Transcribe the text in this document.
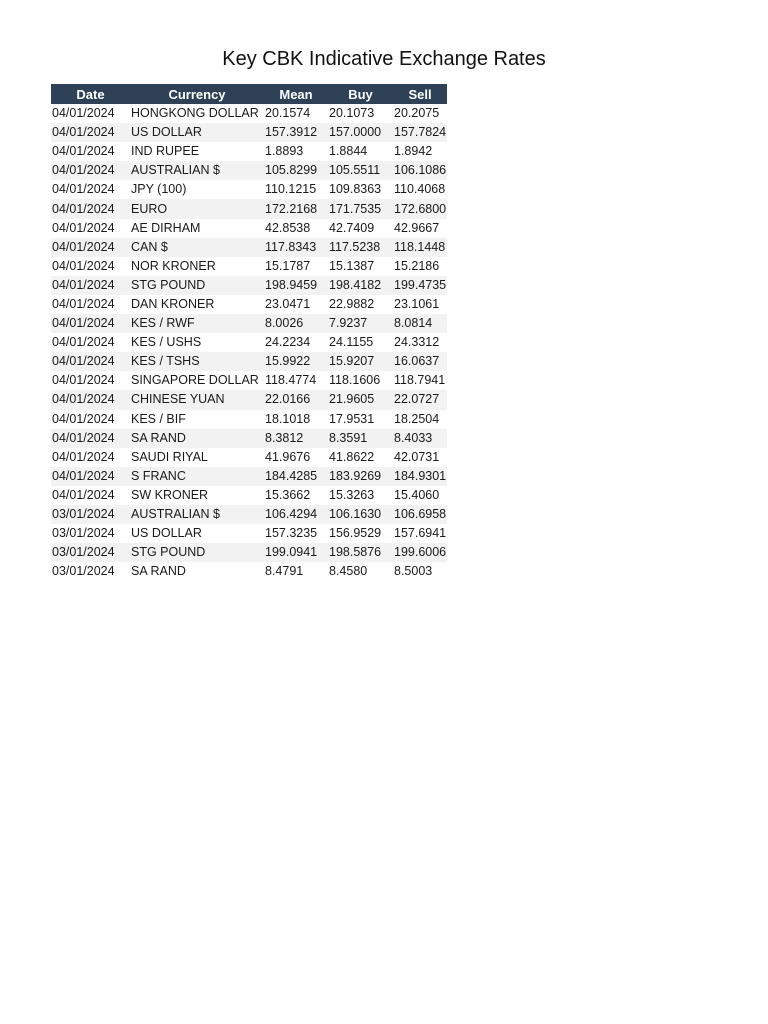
Key CBK Indicative Exchange Rates
Date	Currency	Mean	Buy	Sell
04/01/2024	HONGKONG DOLLAR	20.1574	20.1073	20.2075
04/01/2024	US DOLLAR	157.3912	157.0000	157.7824
04/01/2024	IND RUPEE	1.8893	1.8844	1.8942
04/01/2024	AUSTRALIAN $	105.8299	105.5511	106.1086
04/01/2024	JPY (100)	110.1215	109.8363	110.4068
04/01/2024	EURO	172.2168	171.7535	172.6800
04/01/2024	AE DIRHAM	42.8538	42.7409	42.9667
04/01/2024	CAN $	117.8343	117.5238	118.1448
04/01/2024	NOR KRONER	15.1787	15.1387	15.2186
04/01/2024	STG POUND	198.9459	198.4182	199.4735
04/01/2024	DAN KRONER	23.0471	22.9882	23.1061
04/01/2024	KES / RWF	8.0026	7.9237	8.0814
04/01/2024	KES / USHS	24.2234	24.1155	24.3312
04/01/2024	KES / TSHS	15.9922	15.9207	16.0637
04/01/2024	SINGAPORE DOLLAR	118.4774	118.1606	118.7941
04/01/2024	CHINESE YUAN	22.0166	21.9605	22.0727
04/01/2024	KES / BIF	18.1018	17.9531	18.2504
04/01/2024	SA RAND	8.3812	8.3591	8.4033
04/01/2024	SAUDI RIYAL	41.9676	41.8622	42.0731
04/01/2024	S FRANC	184.4285	183.9269	184.9301
04/01/2024	SW KRONER	15.3662	15.3263	15.4060
03/01/2024	AUSTRALIAN $	106.4294	106.1630	106.6958
03/01/2024	US DOLLAR	157.3235	156.9529	157.6941
03/01/2024	STG POUND	199.0941	198.5876	199.6006
03/01/2024	SA RAND	8.4791	8.4580	8.5003
